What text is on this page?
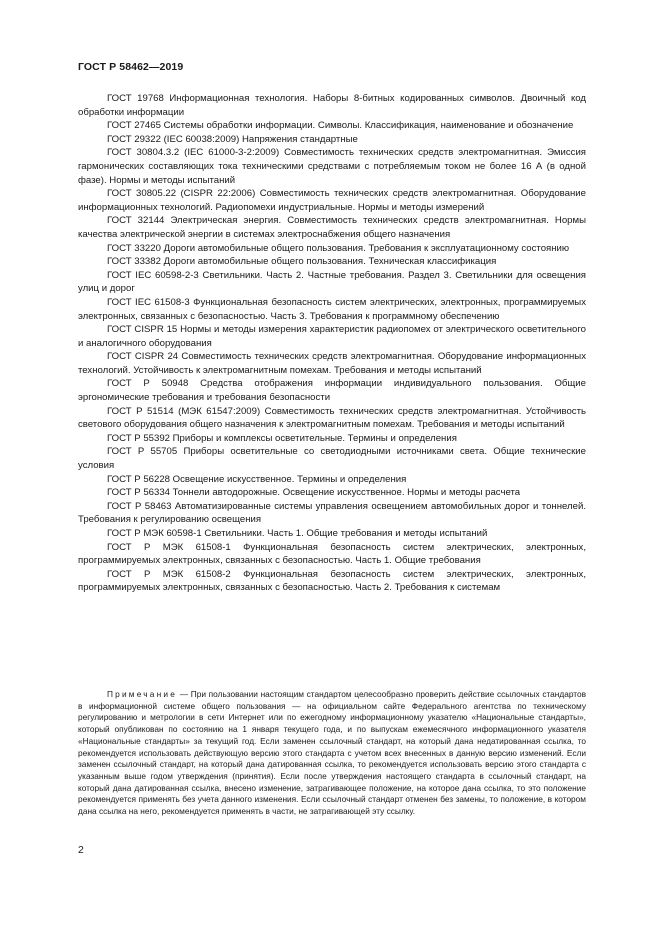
ГОСТ Р 58462—2019

ГОСТ 19768 Информационная технология. Наборы 8-битных кодированных символов. Двоичный код обработки информации

ГОСТ 27465 Системы обработки информации. Символы. Классификация, наименование и обозначение

ГОСТ 29322 (IEC 60038:2009) Напряжения стандартные

ГОСТ 30804.3.2 (IEC 61000-3-2:2009) Совместимость технических средств электромагнитная. Эмиссия гармонических составляющих тока техническими средствами с потребляемым током не более 16 А (в одной фазе). Нормы и методы испытаний

ГОСТ 30805.22 (CISPR 22:2006) Совместимость технических средств электромагнитная. Оборудование информационных технологий. Радиопомехи индустриальные. Нормы и методы измерений

ГОСТ 32144 Электрическая энергия. Совместимость технических средств электромагнитная. Нормы качества электрической энергии в системах электроснабжения общего назначения

ГОСТ 33220 Дороги автомобильные общего пользования. Требования к эксплуатационному состоянию

ГОСТ 33382 Дороги автомобильные общего пользования. Техническая классификация

ГОСТ IEC 60598-2-3 Светильники. Часть 2. Частные требования. Раздел 3. Светильники для освещения улиц и дорог

ГОСТ IEC 61508-3 Функциональная безопасность систем электрических, электронных, программируемых электронных, связанных с безопасностью. Часть 3. Требования к программному обеспечению

ГОСТ CISPR 15 Нормы и методы измерения характеристик радиопомех от электрического осветительного и аналогичного оборудования

ГОСТ CISPR 24 Совместимость технических средств электромагнитная. Оборудование информационных технологий. Устойчивость к электромагнитным помехам. Требования и методы испытаний

ГОСТ Р 50948 Средства отображения информации индивидуального пользования. Общие эргономические требования и требования безопасности

ГОСТ Р 51514 (МЭК 61547:2009) Совместимость технических средств электромагнитная. Устойчивость светового оборудования общего назначения к электромагнитным помехам. Требования и методы испытаний

ГОСТ Р 55392 Приборы и комплексы осветительные. Термины и определения

ГОСТ Р 55705 Приборы осветительные со светодиодными источниками света. Общие технические условия

ГОСТ Р 56228 Освещение искусственное. Термины и определения

ГОСТ Р 56334 Тоннели автодорожные. Освещение искусственное. Нормы и методы расчета

ГОСТ Р 58463 Автоматизированные системы управления освещением автомобильных дорог и тоннелей. Требования к регулированию освещения

ГОСТ Р МЭК 60598-1 Светильники. Часть 1. Общие требования и методы испытаний

ГОСТ Р МЭК 61508-1 Функциональная безопасность систем электрических, электронных, программируемых электронных, связанных с безопасностью. Часть 1. Общие требования

ГОСТ Р МЭК 61508-2 Функциональная безопасность систем электрических, электронных, программируемых электронных, связанных с безопасностью. Часть 2. Требования к системам

Примечание — При пользовании настоящим стандартом целесообразно проверить действие ссылочных стандартов в информационной системе общего пользования — на официальном сайте Федерального агентства по техническому регулированию и метрологии в сети Интернет или по ежегодному информационному указателю «Национальные стандарты», который опубликован по состоянию на 1 января текущего года, и по выпускам ежемесячного информационного указателя «Национальные стандарты» за текущий год. Если заменен ссылочный стандарт, на который дана недатированная ссылка, то рекомендуется использовать действующую версию этого стандарта с учетом всех внесенных в данную версию изменений. Если заменен ссылочный стандарт, на который дана датированная ссылка, то рекомендуется использовать версию этого стандарта с указанным выше годом утверждения (принятия). Если после утверждения настоящего стандарта в ссылочный стандарт, на который дана датированная ссылка, внесено изменение, затрагивающее положение, на которое дана ссылка, то это положение рекомендуется применять без учета данного изменения. Если ссылочный стандарт отменен без замены, то положение, в котором дана ссылка на него, рекомендуется применять в части, не затрагивающей эту ссылку.

2
